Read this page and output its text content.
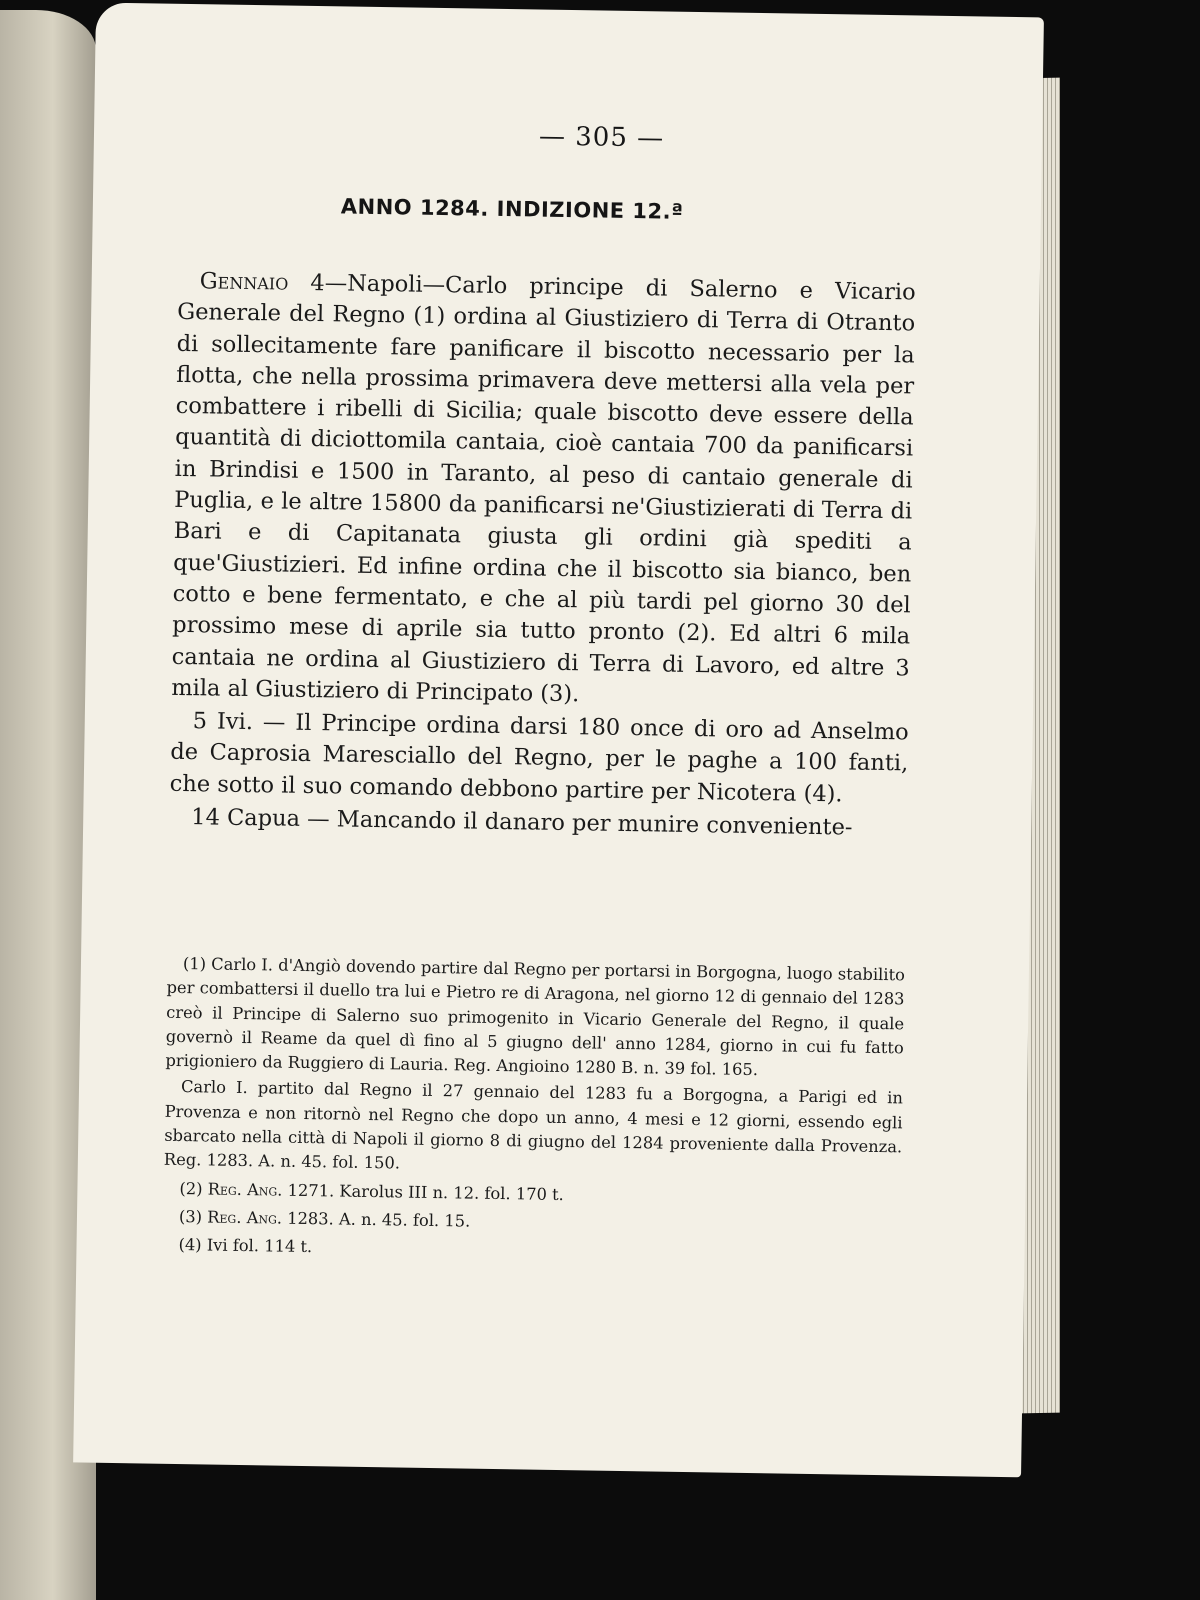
— 305 —
ANNO 1284. INDIZIONE 12.ª

Gennaio 4—Napoli—Carlo principe di Salerno e Vicario Generale del Regno (1) ordina al Giustiziero di Terra di Otranto di sollecitamente fare panificare il biscotto necessario per la flotta, che nella prossima primavera deve mettersi alla vela per combattere i ribelli di Sicilia; quale biscotto deve essere della quantità di diciottomila cantaia, cioè cantaia 700 da panificarsi in Brindisi e 1500 in Taranto, al peso di cantaio generale di Puglia, e le altre 15800 da panificarsi ne'Giustizierati di Terra di Bari e di Capitanata giusta gli ordini già spediti a que'Giustizieri. Ed infine ordina che il biscotto sia bianco, ben cotto e bene fermentato, e che al più tardi pel giorno 30 del prossimo mese di aprile sia tutto pronto (2). Ed altri 6 mila cantaia ne ordina al Giustiziero di Terra di Lavoro, ed altre 3 mila al Giustiziero di Principato (3).

5 Ivi. — Il Principe ordina darsi 180 once di oro ad Anselmo de Caprosia Maresciallo del Regno, per le paghe a 100 fanti, che sotto il suo comando debbono partire per Nicotera (4).

14 Capua — Mancando il danaro per munire conveniente-

(1) Carlo I. d'Angiò dovendo partire dal Regno per portarsi in Borgogna, luogo stabilito per combattersi il duello tra lui e Pietro re di Aragona, nel giorno 12 di gennaio del 1283 creò il Principe di Salerno suo primogenito in Vicario Generale del Regno, il quale governò il Reame da quel dì fino al 5 giugno dell' anno 1284, giorno in cui fu fatto prigioniero da Ruggiero di Lauria. Reg. Angioino 1280 B. n. 39 fol. 165.

Carlo I. partito dal Regno il 27 gennaio del 1283 fu a Borgogna, a Parigi ed in Provenza e non ritornò nel Regno che dopo un anno, 4 mesi e 12 giorni, essendo egli sbarcato nella città di Napoli il giorno 8 di giugno del 1284 proveniente dalla Provenza. Reg. 1283. A. n. 45. fol. 150.

(2) Reg. Ang. 1271. Karolus III n. 12. fol. 170 t.

(3) Reg. Ang. 1283. A. n. 45. fol. 15.

(4) Ivi fol. 114 t.
